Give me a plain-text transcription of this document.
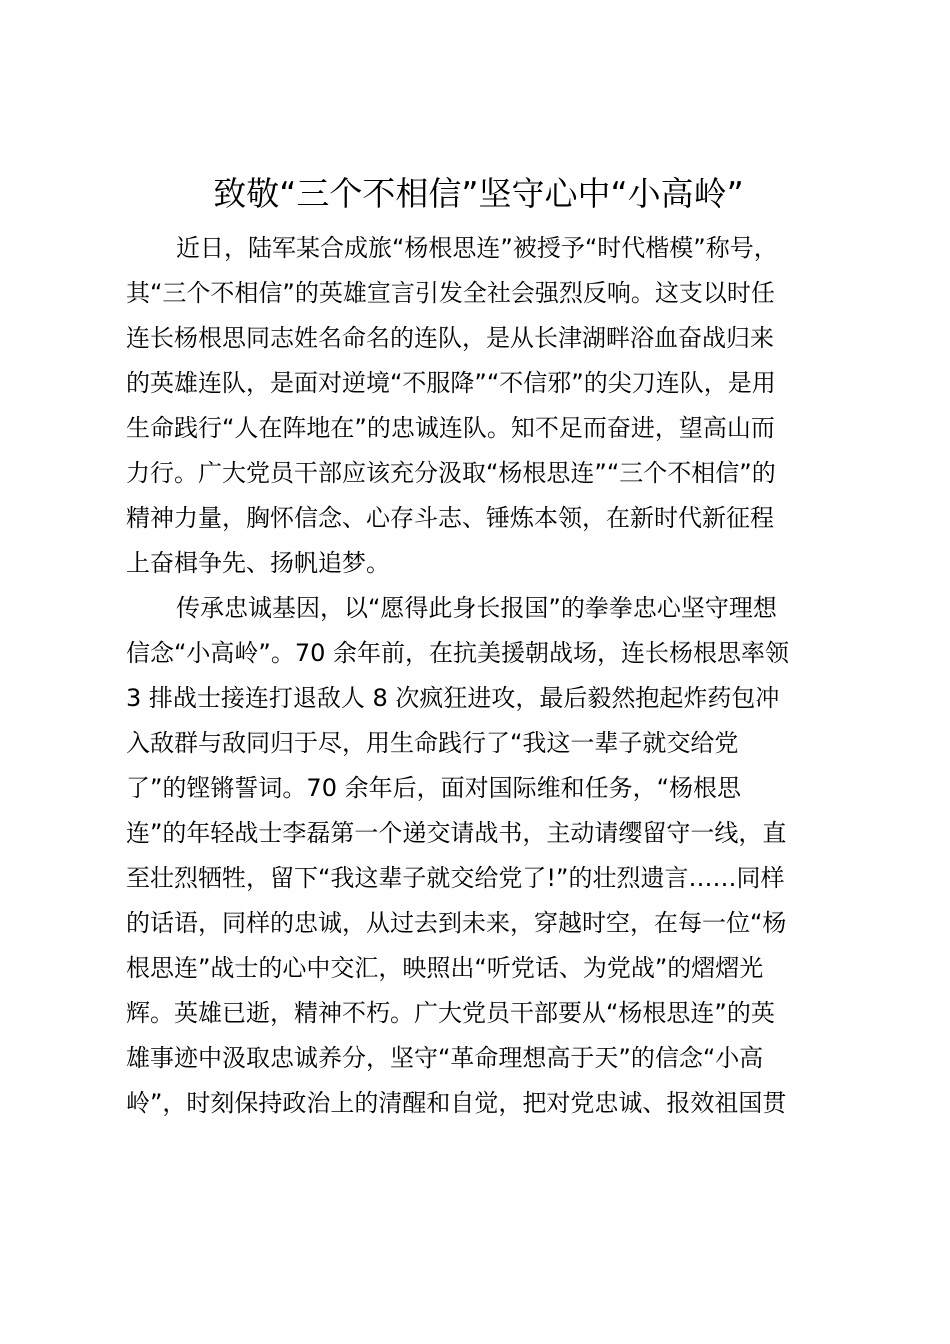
致敬“三个不相信”坚守心中“小高岭”
近日，陆军某合成旅“杨根思连”被授予“时代楷模”称号，
其“三个不相信”的英雄宣言引发全社会强烈反响。这支以时任
连长杨根思同志姓名命名的连队，是从长津湖畔浴血奋战归来
的英雄连队，是面对逆境“不服降”“不信邪”的尖刀连队，是用
生命践行“人在阵地在”的忠诚连队。知不足而奋进，望高山而
力行。广大党员干部应该充分汲取“杨根思连”“三个不相信”的
精神力量，胸怀信念、心存斗志、锤炼本领，在新时代新征程
上奋楫争先、扬帆追梦。
传承忠诚基因，以“愿得此身长报国”的拳拳忠心坚守理想
信念“小高岭”。70 余年前，在抗美援朝战场，连长杨根思率领
3 排战士接连打退敌人 8 次疯狂进攻，最后毅然抱起炸药包冲
入敌群与敌同归于尽，用生命践行了“我这一辈子就交给党
了”的铿锵誓词。70 余年后，面对国际维和任务，“杨根思
连”的年轻战士李磊第一个递交请战书，主动请缨留守一线，直
至壮烈牺牲，留下“我这辈子就交给党了!”的壮烈遗言……同样
的话语，同样的忠诚，从过去到未来，穿越时空，在每一位“杨
根思连”战士的心中交汇，映照出“听党话、为党战”的熠熠光
辉。英雄已逝，精神不朽。广大党员干部要从“杨根思连”的英
雄事迹中汲取忠诚养分，坚守“革命理想高于天”的信念“小高
岭”，时刻保持政治上的清醒和自觉，把对党忠诚、报效祖国贯
